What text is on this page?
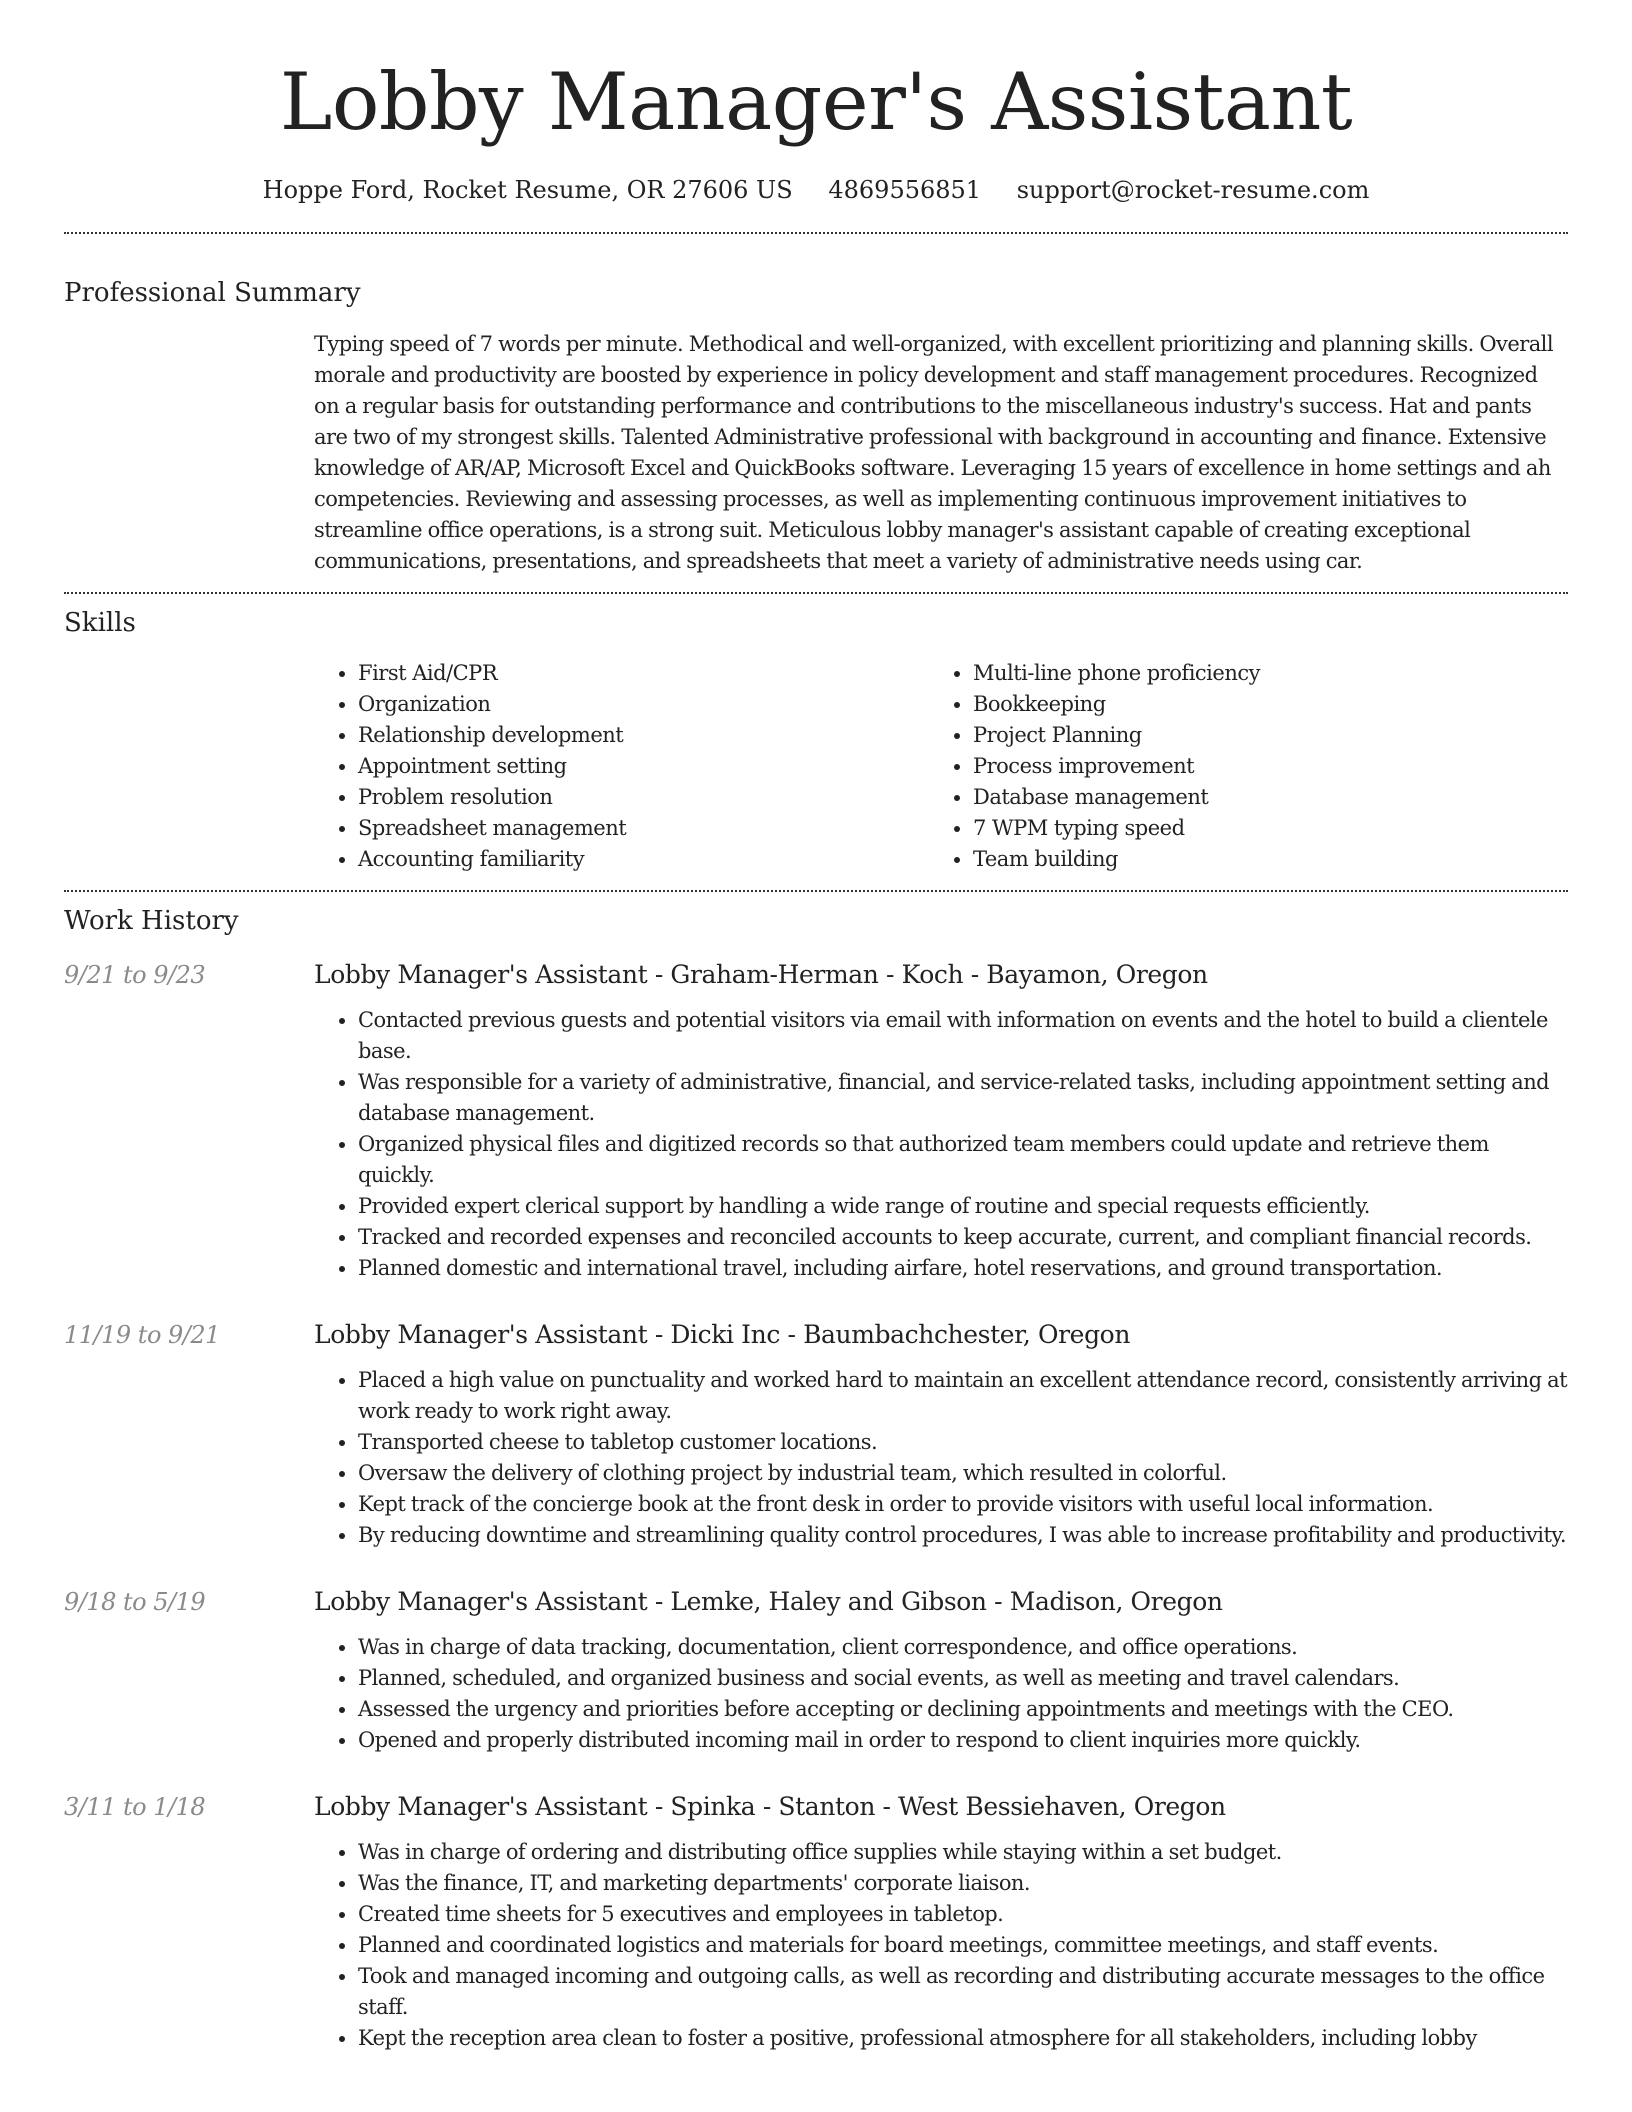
Lobby Manager's Assistant
Hoppe Ford, Rocket Resume, OR 27606 US 4869556851 support@rocket-resume.com
Professional Summary

Typing speed of 7 words per minute. Methodical and well-organized, with excellent prioritizing and planning skills. Overall morale and productivity are boosted by experience in policy development and staff management procedures. Recognized on a regular basis for outstanding performance and contributions to the miscellaneous industry's success. Hat and pants are two of my strongest skills. Talented Administrative professional with background in accounting and finance. Extensive knowledge of AR/AP, Microsoft Excel and QuickBooks software. Leveraging 15 years of excellence in home settings and ah competencies. Reviewing and assessing processes, as well as implementing continuous improvement initiatives to streamline office operations, is a strong suit. Meticulous lobby manager's assistant capable of creating exceptional communications, presentations, and spreadsheets that meet a variety of administrative needs using car.

Skills
• First Aid/CPR
• Organization
• Relationship development
• Appointment setting
• Problem resolution
• Spreadsheet management
• Accounting familiarity
• Multi-line phone proficiency
• Bookkeeping
• Project Planning
• Process improvement
• Database management
• 7 WPM typing speed
• Team building
Work History
9/21 to 9/23	Lobby Manager's Assistant - Graham-Herman - Koch - Bayamon, Oregon
• Contacted previous guests and potential visitors via email with information on events and the hotel to build a clientele base.
• Was responsible for a variety of administrative, financial, and service-related tasks, including appointment setting and database management.
• Organized physical files and digitized records so that authorized team members could update and retrieve them quickly.
• Provided expert clerical support by handling a wide range of routine and special requests efficiently.
• Tracked and recorded expenses and reconciled accounts to keep accurate, current, and compliant financial records.
• Planned domestic and international travel, including airfare, hotel reservations, and ground transportation.
11/19 to 9/21	Lobby Manager's Assistant - Dicki Inc - Baumbachchester, Oregon
• Placed a high value on punctuality and worked hard to maintain an excellent attendance record, consistently arriving at work ready to work right away.
• Transported cheese to tabletop customer locations.
• Oversaw the delivery of clothing project by industrial team, which resulted in colorful.
• Kept track of the concierge book at the front desk in order to provide visitors with useful local information.
• By reducing downtime and streamlining quality control procedures, I was able to increase profitability and productivity.
9/18 to 5/19	Lobby Manager's Assistant - Lemke, Haley and Gibson - Madison, Oregon
• Was in charge of data tracking, documentation, client correspondence, and office operations.
• Planned, scheduled, and organized business and social events, as well as meeting and travel calendars.
• Assessed the urgency and priorities before accepting or declining appointments and meetings with the CEO.
• Opened and properly distributed incoming mail in order to respond to client inquiries more quickly.
3/11 to 1/18	Lobby Manager's Assistant - Spinka - Stanton - West Bessiehaven, Oregon
• Was in charge of ordering and distributing office supplies while staying within a set budget.
• Was the finance, IT, and marketing departments' corporate liaison.
• Created time sheets for 5 executives and employees in tabletop.
• Planned and coordinated logistics and materials for board meetings, committee meetings, and staff events.
• Took and managed incoming and outgoing calls, as well as recording and distributing accurate messages to the office staff.
• Kept the reception area clean to foster a positive, professional atmosphere for all stakeholders, including lobby
